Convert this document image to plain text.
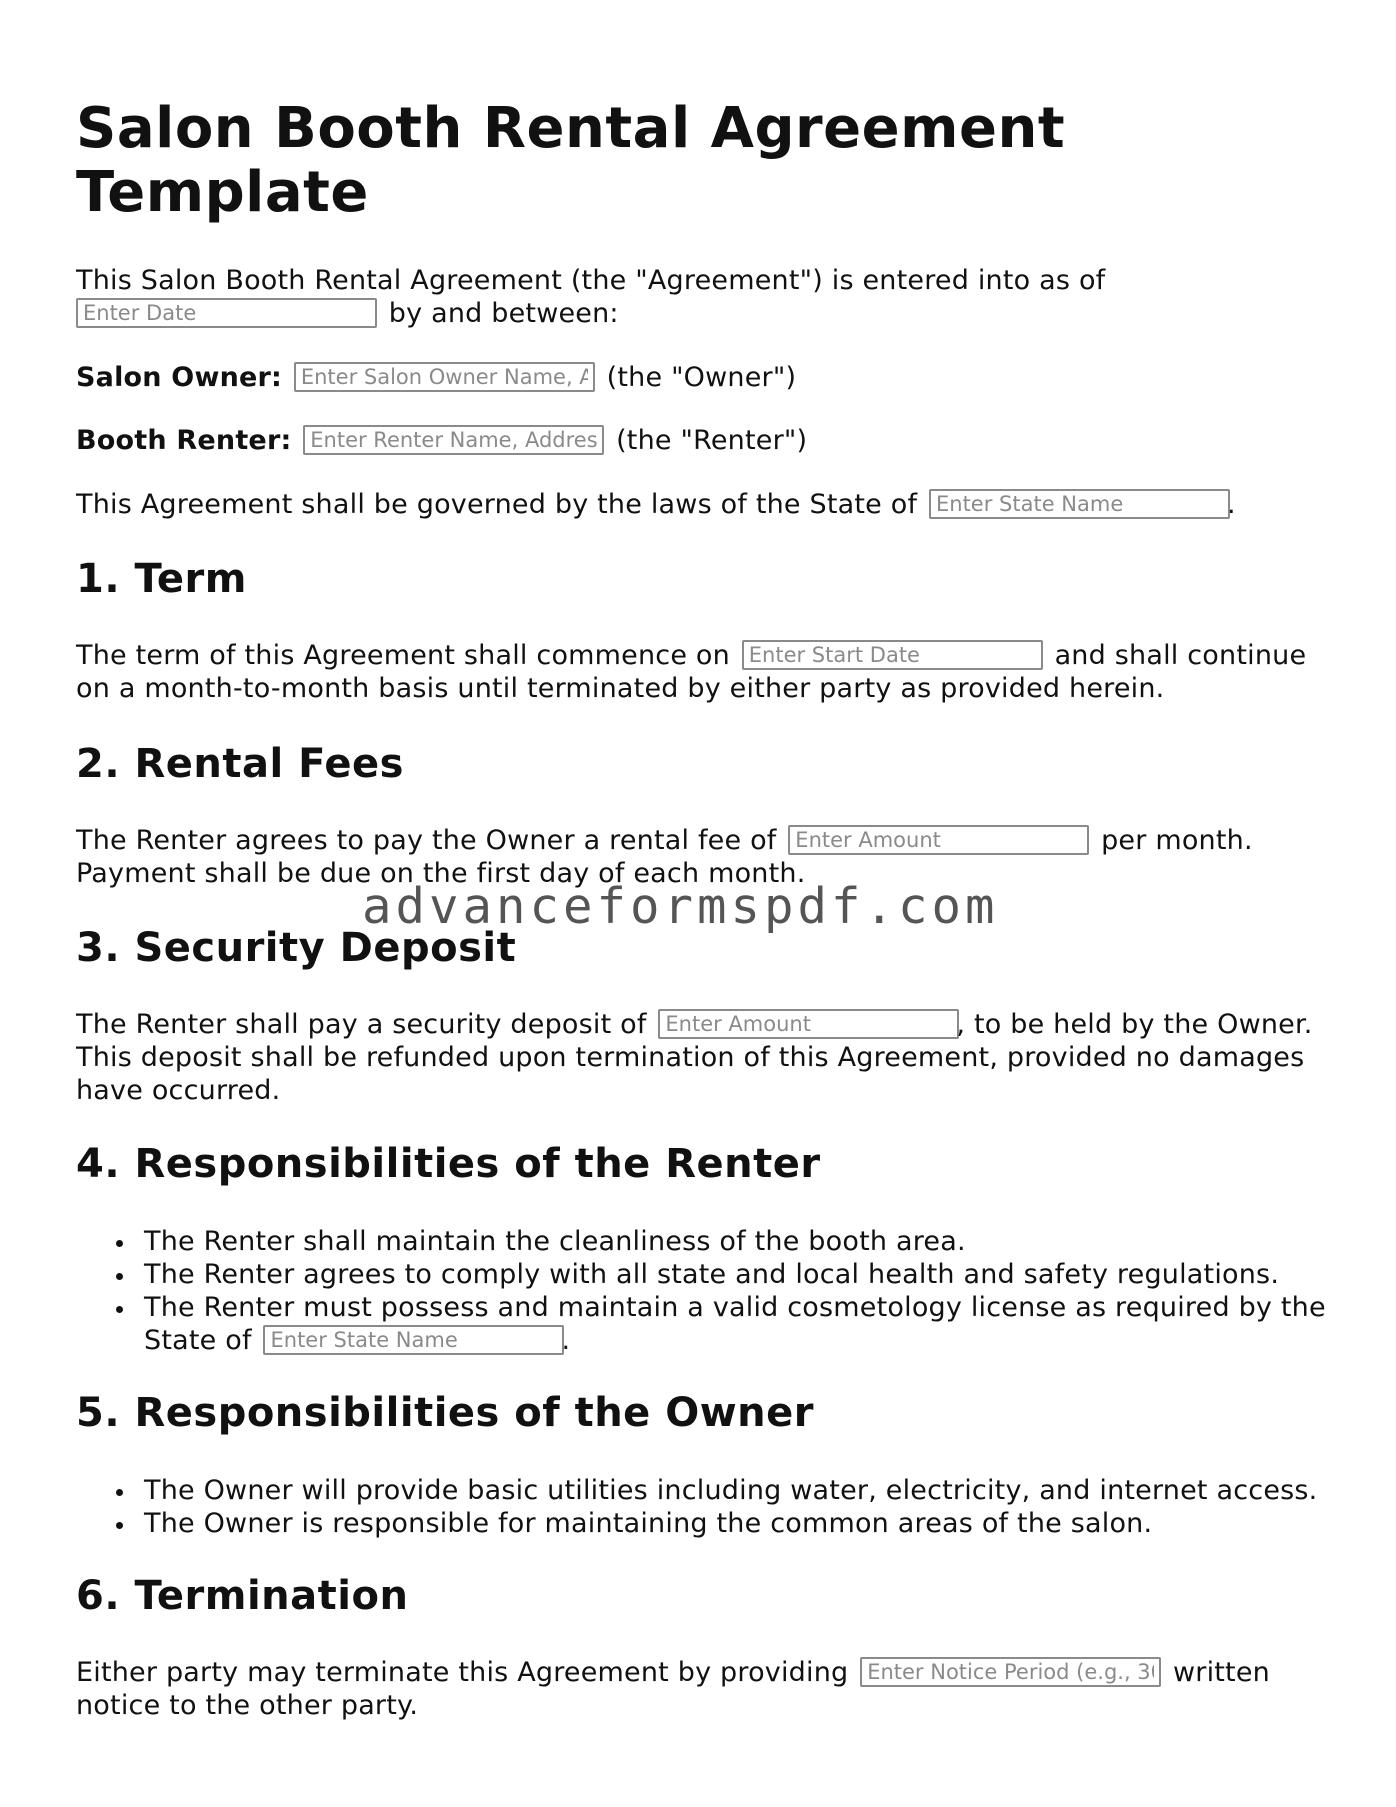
Salon Booth Rental Agreement Template
This Salon Booth Rental Agreement (the "Agreement") is entered into as of
Enter Date by and between:
Salon Owner: Enter Salon Owner Name, Address	(the "Owner")
Booth Renter: Enter Renter Name, Address	(the "Renter")
This Agreement shall be governed by the laws of the State of Enter State Name	.
1. Term
The term of this Agreement shall commence on Enter Start Date	and shall continue on a month-to-month basis until terminated by either party as provided herein.
2. Rental Fees
The Renter agrees to pay the Owner a rental fee of Enter Amount	per month. Payment shall be due on the first day of each month.
3. Security Deposit
The Renter shall pay a security deposit of Enter Amount	, to be held by the Owner. This deposit shall be refunded upon termination of this Agreement, provided no damages have occurred.
4. Responsibilities of the Renter
The Renter shall maintain the cleanliness of the booth area.
The Renter agrees to comply with all state and local health and safety regulations.
The Renter must possess and maintain a valid cosmetology license as required by the State of Enter State Name	.
5. Responsibilities of the Owner
The Owner will provide basic utilities including water, electricity, and internet access.
The Owner is responsible for maintaining the common areas of the salon.
6. Termination
Either party may terminate this Agreement by providing Enter Notice Period (e.g., 30 days)	written notice to the other party.
advanceformspdf.com
